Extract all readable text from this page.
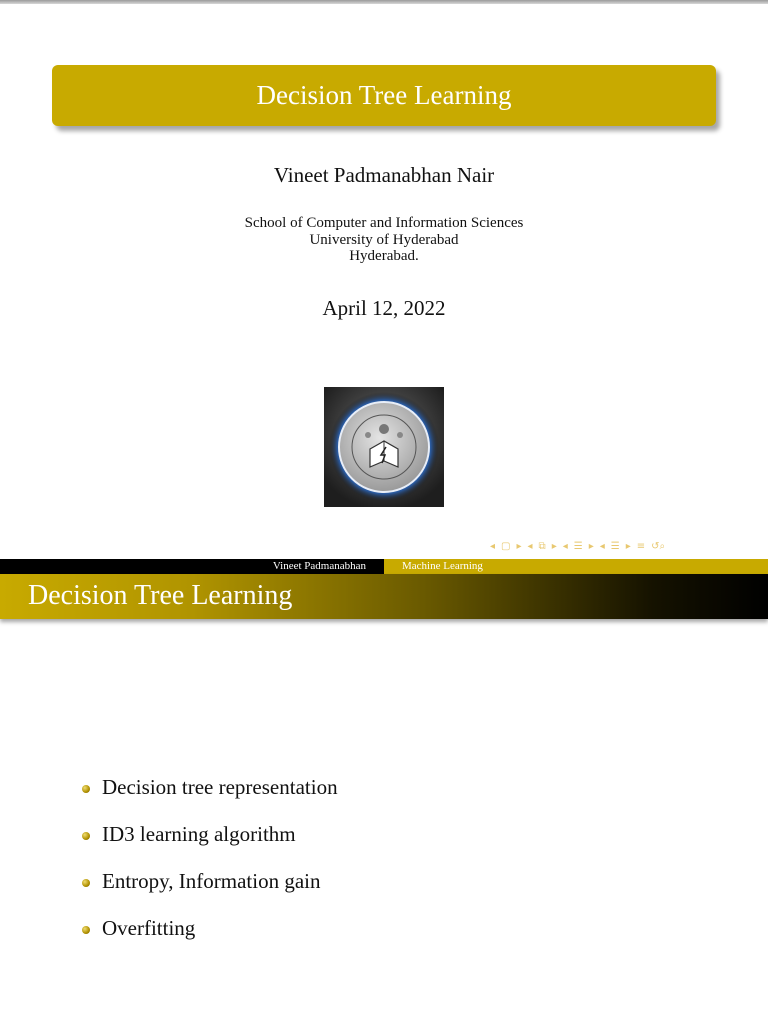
Decision Tree Learning
Vineet Padmanabhan Nair
School of Computer and Information Sciences
University of Hyderabad
Hyderabad.
April 12, 2022
◂ ▢ ▸ ◂ ⧉ ▸ ◂ ☰ ▸ ◂ ☰ ▸ ≡ ↺⌕
Vineet Padmanabhan	Machine Learning
Decision Tree Learning
Decision tree representation
ID3 learning algorithm
Entropy, Information gain
Overfitting
